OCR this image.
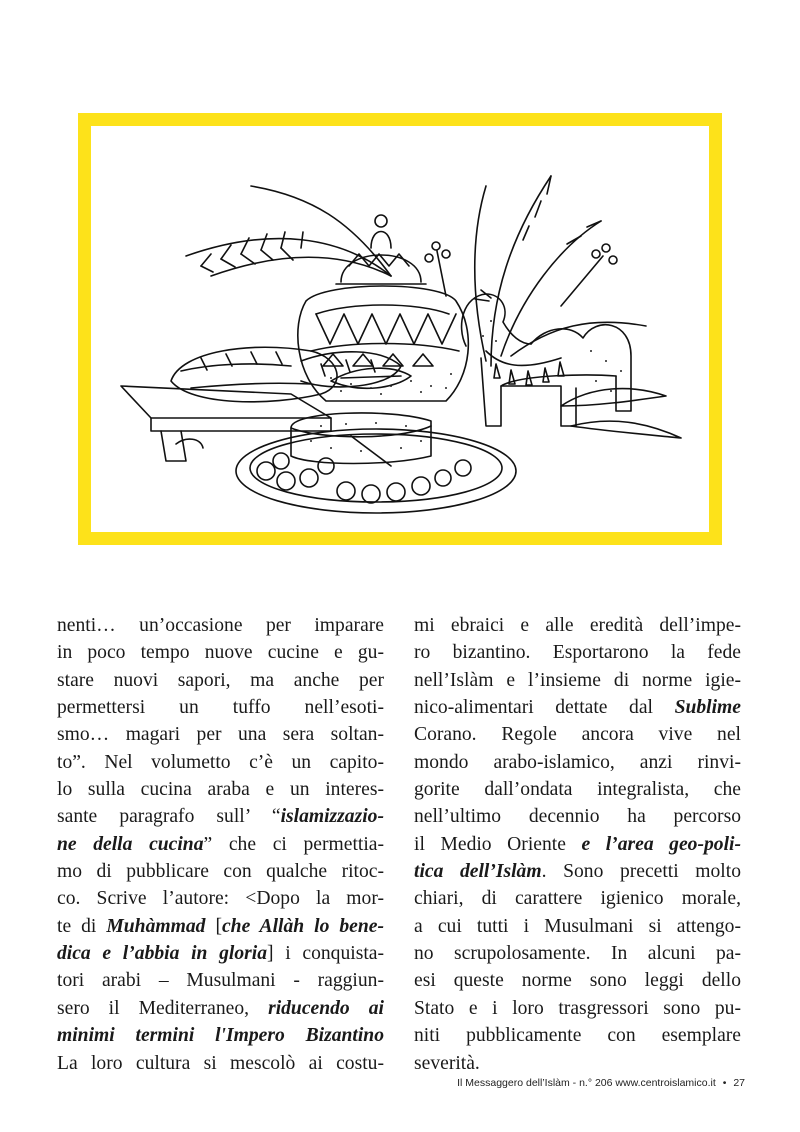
nenti… un’occasione per imparare
in poco tempo nuove cucine e gu-
stare nuovi sapori, ma anche per
permettersi un tuffo nell’esoti-
smo… magari per una sera soltan-
to”. Nel volumetto c’è un capito-
lo sulla cucina araba e un interes-
sante paragrafo sull’ “islamizzazio-
ne della cucina” che ci permettia-
mo di pubblicare con qualche ritoc-
co. Scrive l’autore: <Dopo la mor-
te di Muhàmmad [che Allàh lo bene-
dica e l’abbia in gloria] i conquista-
tori arabi – Musulmani - raggiun-
sero il Mediterraneo, riducendo ai
minimi termini l'Impero Bizantino
La loro cultura si mescolò ai costu-

mi ebraici e alle eredità dell’impe-
ro bizantino. Esportarono la fede
nell’Islàm e l’insieme di norme igie-
nico-alimentari dettate dal Sublime
Corano. Regole ancora vive nel
mondo arabo-islamico, anzi rinvi-
gorite dall’ondata integralista, che
nell’ultimo decennio ha percorso
il Medio Oriente e l’area geo-poli-
tica dell’Islàm. Sono precetti molto
chiari, di carattere igienico morale,
a cui tutti i Musulmani si attengo-
no scrupolosamente. In alcuni pa-
esi queste norme sono leggi dello
Stato e i loro trasgressori sono pu-
niti pubblicamente con esemplare
severità.

Il Messaggero dell’Islàm - n.° 206 www.centroislamico.it • 27
